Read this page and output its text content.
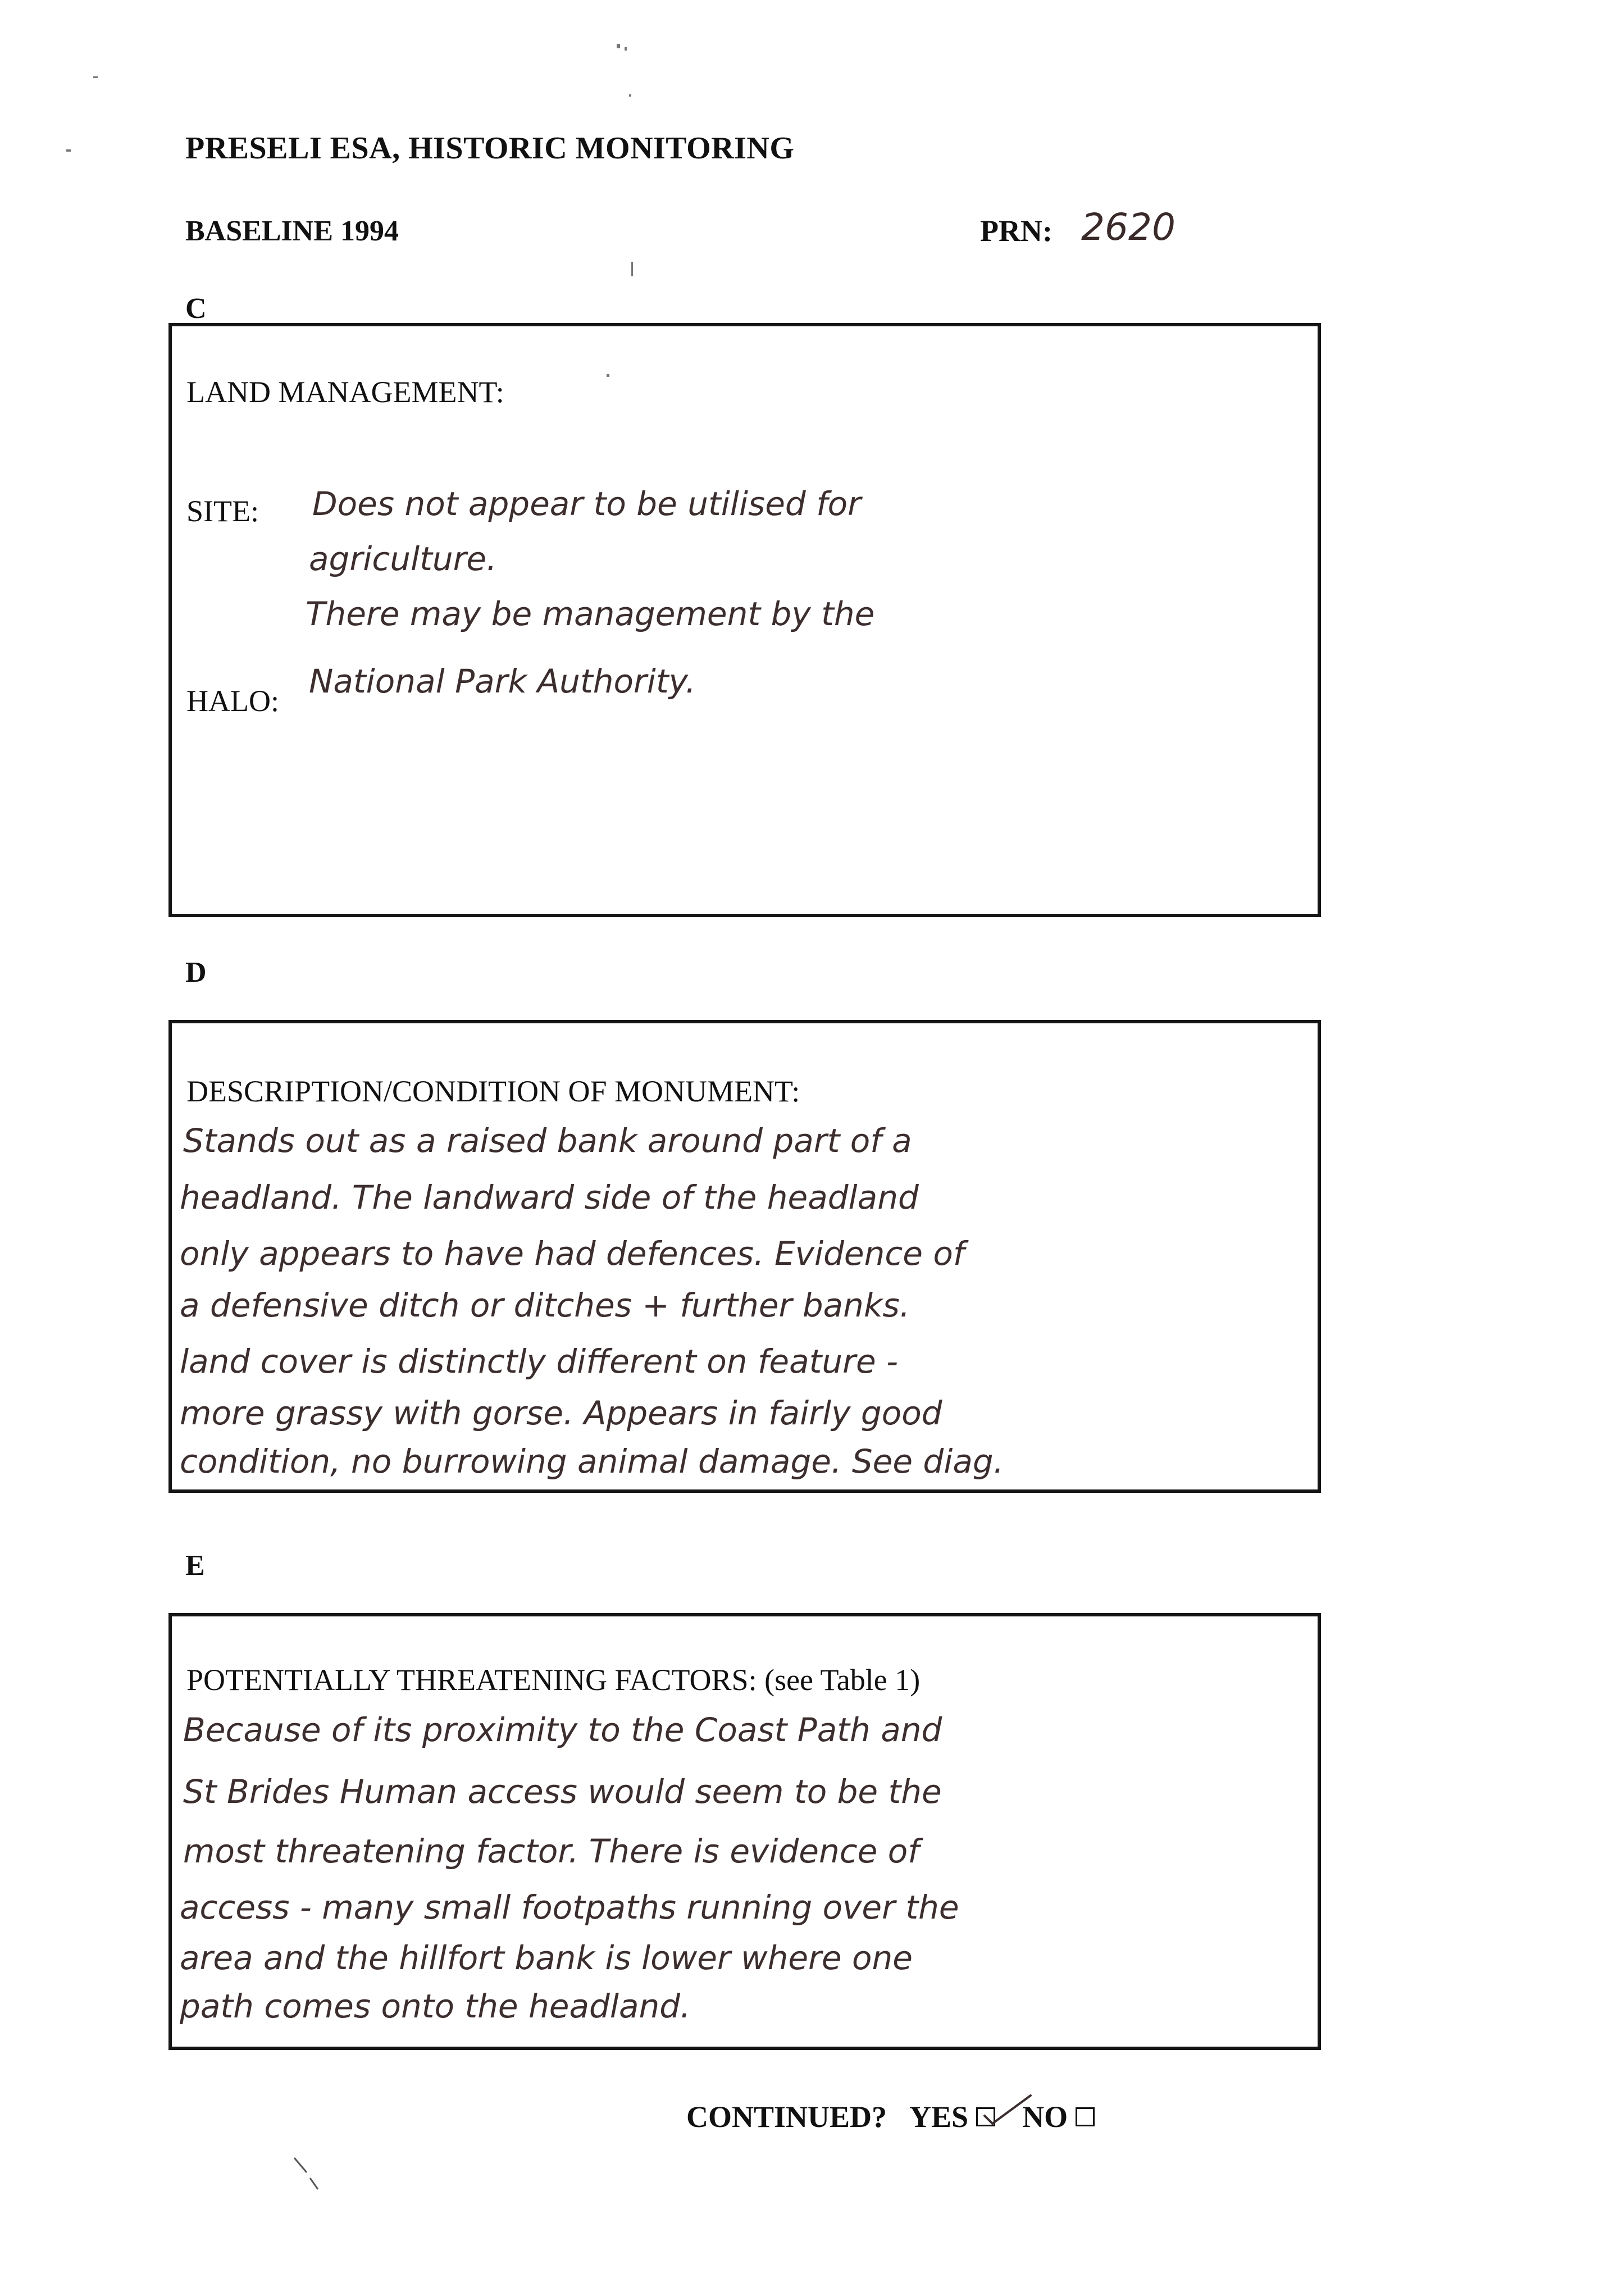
PRESELI ESA, HISTORIC MONITORING
BASELINE 1994	PRN: 2620
C
LAND MANAGEMENT:
SITE:
HALO:
Does not appear to be utilised for
agriculture.
There may be management by the
National Park Authority.
D
DESCRIPTION/CONDITION OF MONUMENT:
Stands out as a raised bank around part of a
headland. The landward side of the headland
only appears to have had defences. Evidence of
a defensive ditch or ditches + further banks.
land cover is distinctly different on feature -
more grassy with gorse. Appears in fairly good
condition, no burrowing animal damage. See diag.
E
POTENTIALLY THREATENING FACTORS: (see Table 1)
Because of its proximity to the Coast Path and
St Brides Human access would seem to be the
most threatening factor. There is evidence of
access - many small footpaths running over the
area and the hillfort bank is lower where one
path comes onto the headland.
CONTINUED? YES NO
